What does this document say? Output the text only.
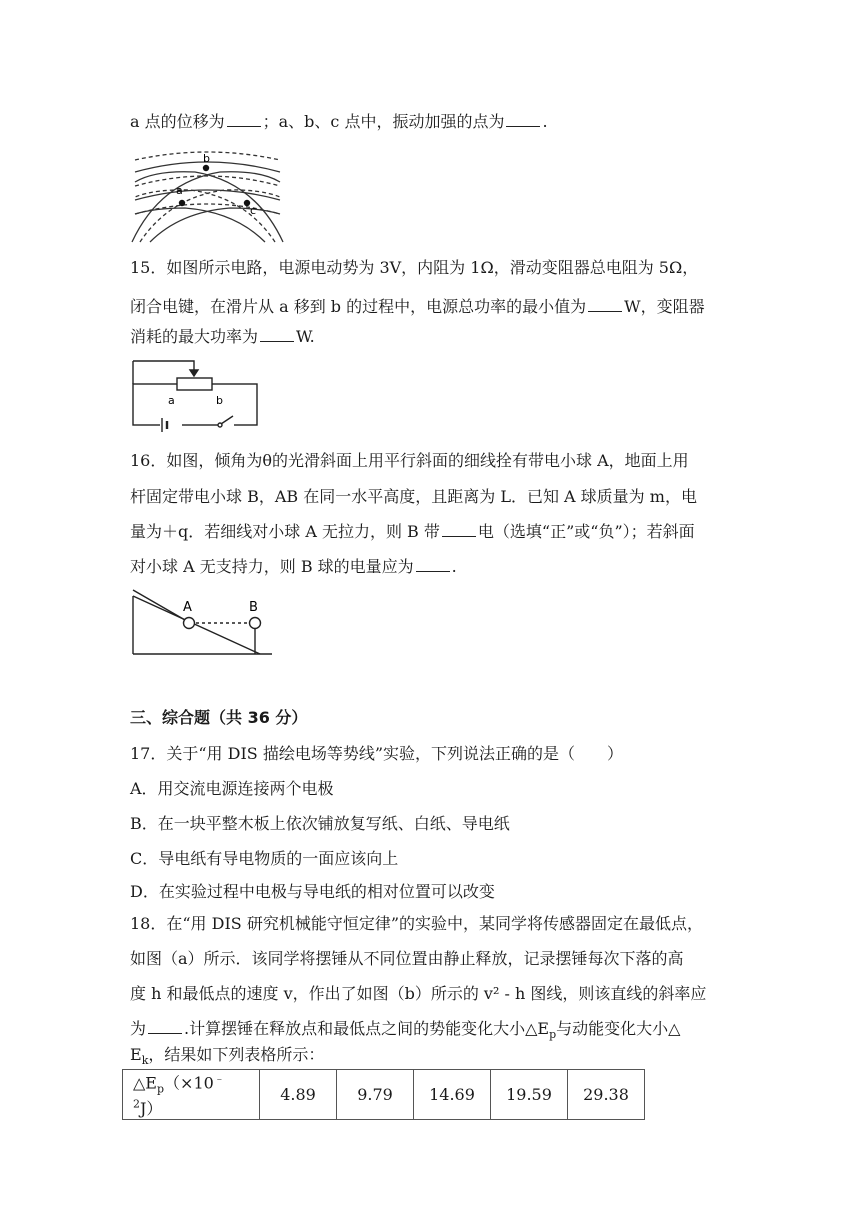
a 点的位移为 ；a、b、c 点中，振动加强的点为 .
b
a
c
15．如图所示电路，电源电动势为 3V，内阻为 1Ω，滑动变阻器总电阻为 5Ω，
闭合电键，在滑片从 a 移到 b 的过程中，电源总功率的最小值为 W，变阻器
消耗的最大功率为 W.
a	b
16．如图，倾角为θ的光滑斜面上用平行斜面的细线拴有带电小球 A，地面上用
杆固定带电小球 B，AB 在同一水平高度，且距离为 L．已知 A 球质量为 m，电
量为＋q．若细线对小球 A 无拉力，则 B 带 电（选填“正”或“负”）；若斜面
对小球 A 无支持力，则 B 球的电量应为 .
A	B
三、综合题（共 36 分）
17．关于“用 DIS 描绘电场等势线”实验，下列说法正确的是（　　）
A．用交流电源连接两个电极
B．在一块平整木板上依次铺放复写纸、白纸、导电纸
C．导电纸有导电物质的一面应该向上
D．在实验过程中电极与导电纸的相对位置可以改变
18．在“用 DIS 研究机械能守恒定律”的实验中，某同学将传感器固定在最低点，
如图（a）所示．该同学将摆锤从不同位置由静止释放，记录摆锤每次下落的高
度 h 和最低点的速度 v，作出了如图（b）所示的 v² - h 图线，则该直线的斜率应
为 .计算摆锤在释放点和最低点之间的势能变化大小$\triangle E_p$与动能变化大小△
$E_k$，结果如下列表格所示：
$\triangle E_p(\times 10^{﹣2}J)$	4.89	9.79	14.69	19.59	29.38
